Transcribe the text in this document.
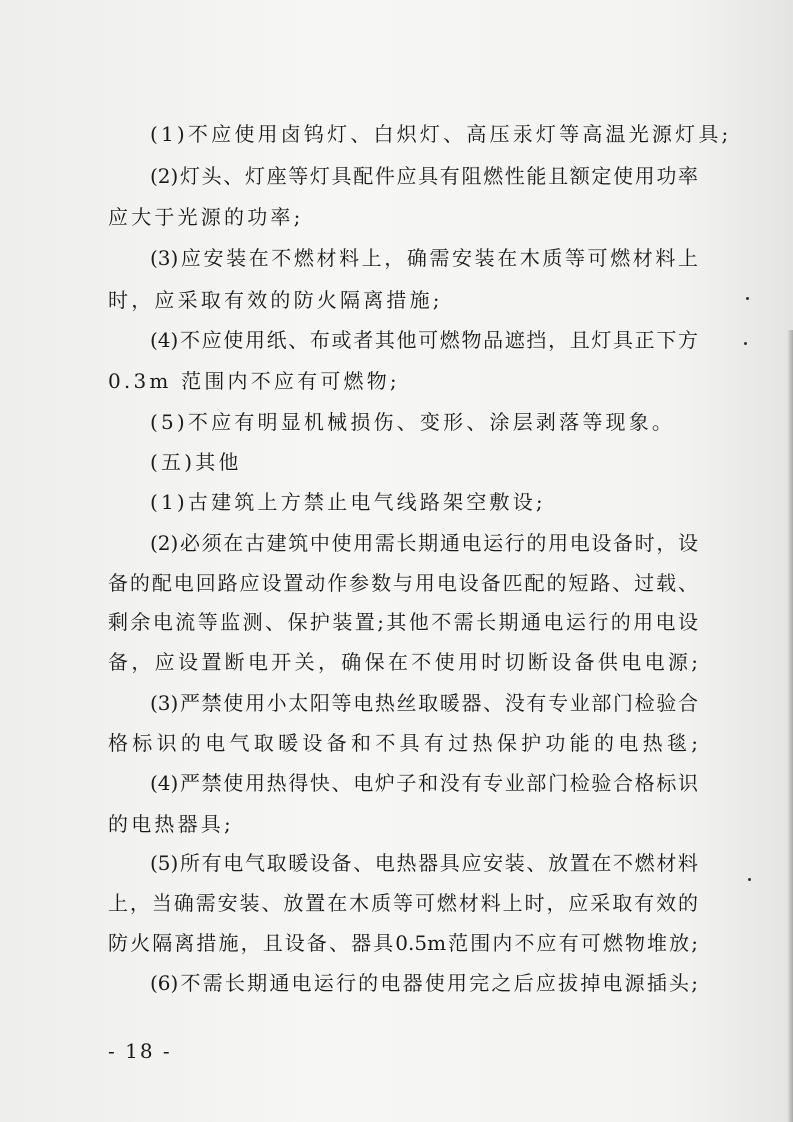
(1)不应使用卤钨灯、白炽灯、高压汞灯等高温光源灯具;
(2)灯头、灯座等灯具配件应具有阻燃性能且额定使用功率
应大于光源的功率;
(3)应安装在不燃材料上，确需安装在木质等可燃材料上
时，应采取有效的防火隔离措施;
(4)不应使用纸、布或者其他可燃物品遮挡，且灯具正下方
0.3m 范围内不应有可燃物;
(5)不应有明显机械损伤、变形、涂层剥落等现象。
(五)其他
(1)古建筑上方禁止电气线路架空敷设;
(2)必须在古建筑中使用需长期通电运行的用电设备时，设
备的配电回路应设置动作参数与用电设备匹配的短路、过载、
剩余电流等监测、保护装置;其他不需长期通电运行的用电设
备，应设置断电开关，确保在不使用时切断设备供电电源;
(3)严禁使用小太阳等电热丝取暖器、没有专业部门检验合
格标识的电气取暖设备和不具有过热保护功能的电热毯;
(4)严禁使用热得快、电炉子和没有专业部门检验合格标识
的电热器具;
(5)所有电气取暖设备、电热器具应安装、放置在不燃材料
上，当确需安装、放置在木质等可燃材料上时，应采取有效的
防火隔离措施，且设备、器具0.5m范围内不应有可燃物堆放;
(6)不需长期通电运行的电器使用完之后应拔掉电源插头;
- 18 -
